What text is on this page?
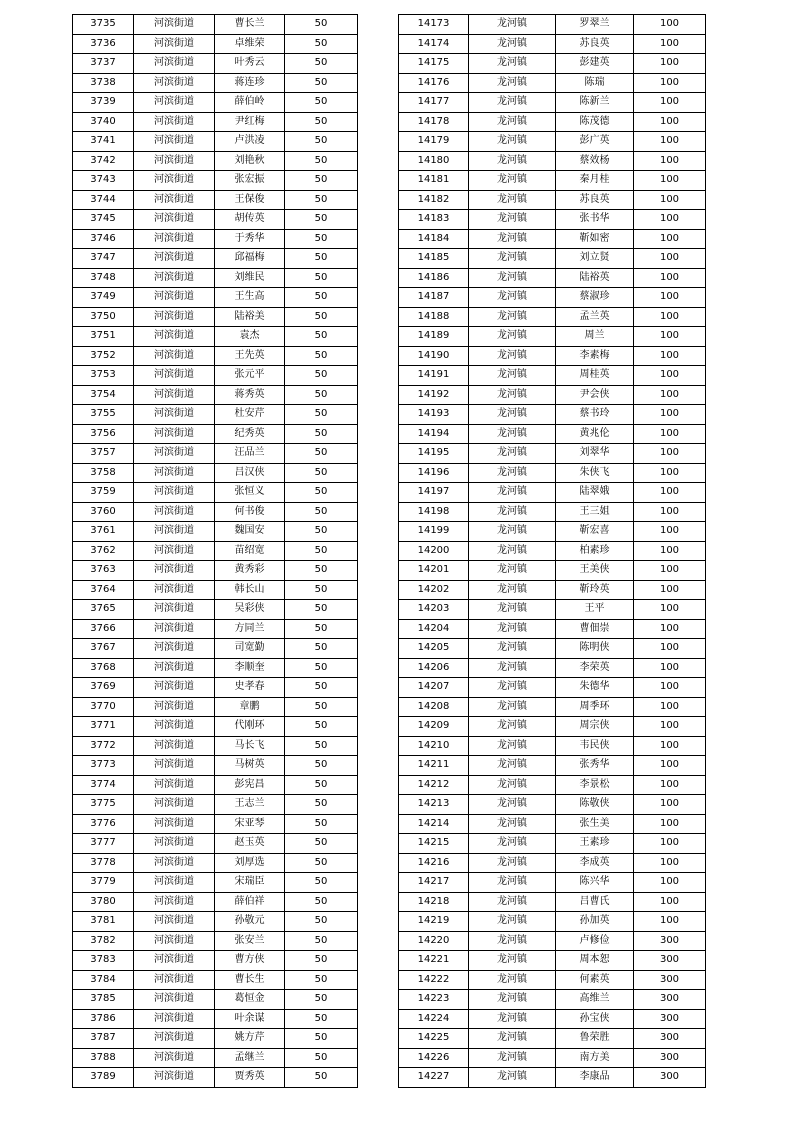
3735	河滨街道	曹长兰	50
3736	河滨街道	卓维荣	50
3737	河滨街道	叶秀云	50
3738	河滨街道	蒋连珍	50
3739	河滨街道	薛伯岭	50
3740	河滨街道	尹红梅	50
3741	河滨街道	卢洪凌	50
3742	河滨街道	刘艳秋	50
3743	河滨街道	张宏振	50
3744	河滨街道	王保俊	50
3745	河滨街道	胡传英	50
3746	河滨街道	于秀华	50
3747	河滨街道	邱福梅	50
3748	河滨街道	刘维民	50
3749	河滨街道	王生高	50
3750	河滨街道	陆裕美	50
3751	河滨街道	袁杰	50
3752	河滨街道	王先英	50
3753	河滨街道	张元平	50
3754	河滨街道	蒋秀英	50
3755	河滨街道	杜安芹	50
3756	河滨街道	纪秀英	50
3757	河滨街道	汪品兰	50
3758	河滨街道	吕汉侠	50
3759	河滨街道	张恒义	50
3760	河滨街道	何书俊	50
3761	河滨街道	魏国安	50
3762	河滨街道	苗绍宽	50
3763	河滨街道	黄秀彩	50
3764	河滨街道	韩长山	50
3765	河滨街道	吴彩侠	50
3766	河滨街道	方同兰	50
3767	河滨街道	司宽勤	50
3768	河滨街道	李顺奎	50
3769	河滨街道	史孝春	50
3770	河滨街道	章鹏	50
3771	河滨街道	代刚环	50
3772	河滨街道	马长飞	50
3773	河滨街道	马树英	50
3774	河滨街道	彭宪昌	50
3775	河滨街道	王志兰	50
3776	河滨街道	宋亚琴	50
3777	河滨街道	赵玉英	50
3778	河滨街道	刘厚选	50
3779	河滨街道	宋瑞臣	50
3780	河滨街道	薛伯祥	50
3781	河滨街道	孙敬元	50
3782	河滨街道	张安兰	50
3783	河滨街道	曹方侠	50
3784	河滨街道	曹长生	50
3785	河滨街道	葛恒金	50
3786	河滨街道	叶余谋	50
3787	河滨街道	姚方芹	50
3788	河滨街道	孟继兰	50
3789	河滨街道	贾秀英	50
14173	龙河镇	罗翠兰	100
14174	龙河镇	苏良英	100
14175	龙河镇	彭建英	100
14176	龙河镇	陈瑞	100
14177	龙河镇	陈新兰	100
14178	龙河镇	陈茂德	100
14179	龙河镇	彭广英	100
14180	龙河镇	蔡效杨	100
14181	龙河镇	秦月桂	100
14182	龙河镇	苏良英	100
14183	龙河镇	张书华	100
14184	龙河镇	靳如密	100
14185	龙河镇	刘立贤	100
14186	龙河镇	陆裕英	100
14187	龙河镇	蔡淑珍	100
14188	龙河镇	孟兰英	100
14189	龙河镇	周兰	100
14190	龙河镇	李素梅	100
14191	龙河镇	周桂英	100
14192	龙河镇	尹会侠	100
14193	龙河镇	蔡书玲	100
14194	龙河镇	黄兆伦	100
14195	龙河镇	刘翠华	100
14196	龙河镇	朱侠飞	100
14197	龙河镇	陆翠娥	100
14198	龙河镇	王三姐	100
14199	龙河镇	靳宏喜	100
14200	龙河镇	柏素珍	100
14201	龙河镇	王美侠	100
14202	龙河镇	靳玲英	100
14203	龙河镇	王平	100
14204	龙河镇	曹佃崇	100
14205	龙河镇	陈明侠	100
14206	龙河镇	李荣英	100
14207	龙河镇	朱德华	100
14208	龙河镇	周季环	100
14209	龙河镇	周宗侠	100
14210	龙河镇	韦民侠	100
14211	龙河镇	张秀华	100
14212	龙河镇	李景松	100
14213	龙河镇	陈敬侠	100
14214	龙河镇	张生美	100
14215	龙河镇	王素珍	100
14216	龙河镇	李成英	100
14217	龙河镇	陈兴华	100
14218	龙河镇	吕曹氏	100
14219	龙河镇	孙加英	100
14220	龙河镇	卢修俭	300
14221	龙河镇	周本恕	300
14222	龙河镇	何素英	300
14223	龙河镇	高维兰	300
14224	龙河镇	孙宝侠	300
14225	龙河镇	鲁荣胜	300
14226	龙河镇	南方美	300
14227	龙河镇	李康品	300
